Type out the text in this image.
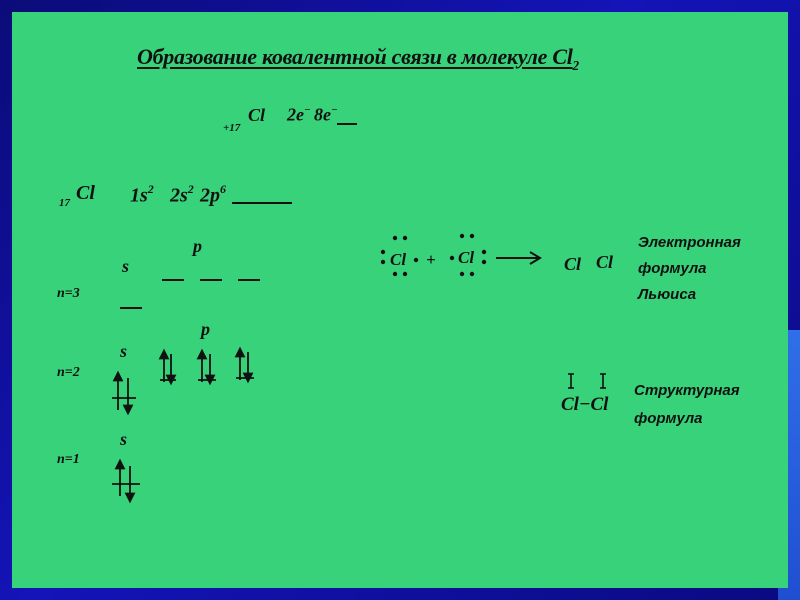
Образование ковалентной связи в молекуле $Cl_2$
+17
Cl 2e− 8e−
17 Cl $1s^2$ $2s^2$ $2p^6$
n=3
n=2
n=1
s
p
s
p
s
Cl + Cl	Cl Cl
Электронная
формула
Льюиса
Cl−Cl
Структурная
формула
